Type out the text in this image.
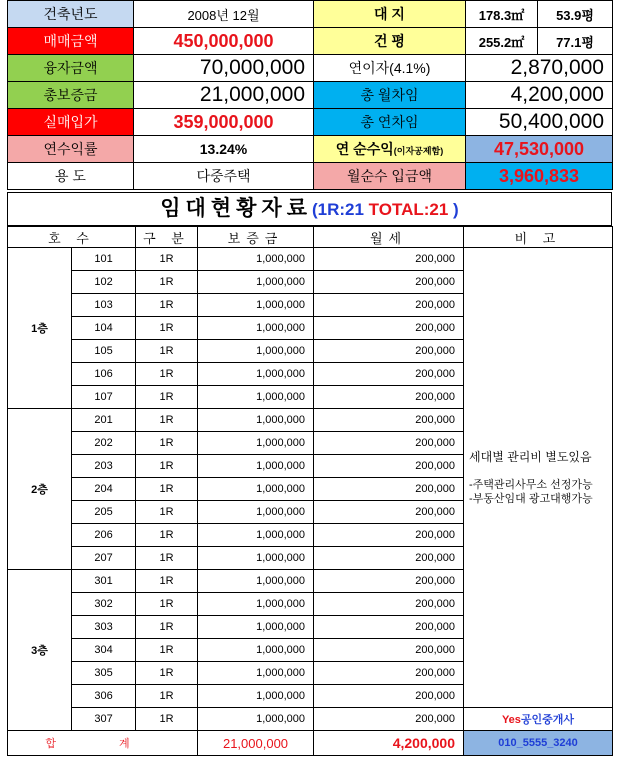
건축년도	2008년 12월	대 지	178.3㎡	53.9평
매매금액	450,000,000	건 평	255.2㎡	77.1평
융자금액	70,000,000	연이자(4.1%)	2,870,000	
총보증금	21,000,000	총 월차임	4,200,000	
실매입가	359,000,000	총 연차임	50,400,000	
연수익률	13.24%	연 순수익(이자공제함)	47,530,000	
용 도	다중주택	월순수 입금액	3,960,833	
임대현황자료(1R:21 TOTAL:21 )
호 수		구 분	보증금	월세	비 고
1층	101	1R	1,000,000	200,000	세대별 관리비 별도있음

-주택관리사무소 선정가능

-부동산임대 광고대행가능

	102	1R	1,000,000	200,000	
	103	1R	1,000,000	200,000	
	104	1R	1,000,000	200,000	
	105	1R	1,000,000	200,000	
	106	1R	1,000,000	200,000	
	107	1R	1,000,000	200,000	
2층	201	1R	1,000,000	200,000	
	202	1R	1,000,000	200,000	
	203	1R	1,000,000	200,000	
	204	1R	1,000,000	200,000	
	205	1R	1,000,000	200,000	
	206	1R	1,000,000	200,000	
	207	1R	1,000,000	200,000	
3층	301	1R	1,000,000	200,000	
	302	1R	1,000,000	200,000	
	303	1R	1,000,000	200,000	
	304	1R	1,000,000	200,000	
	305	1R	1,000,000	200,000	
	306	1R	1,000,000	200,000	
	307	1R	1,000,000	200,000	Yes공인중개사
합 계			21,000,000	4,200,000	010_5555_3240
